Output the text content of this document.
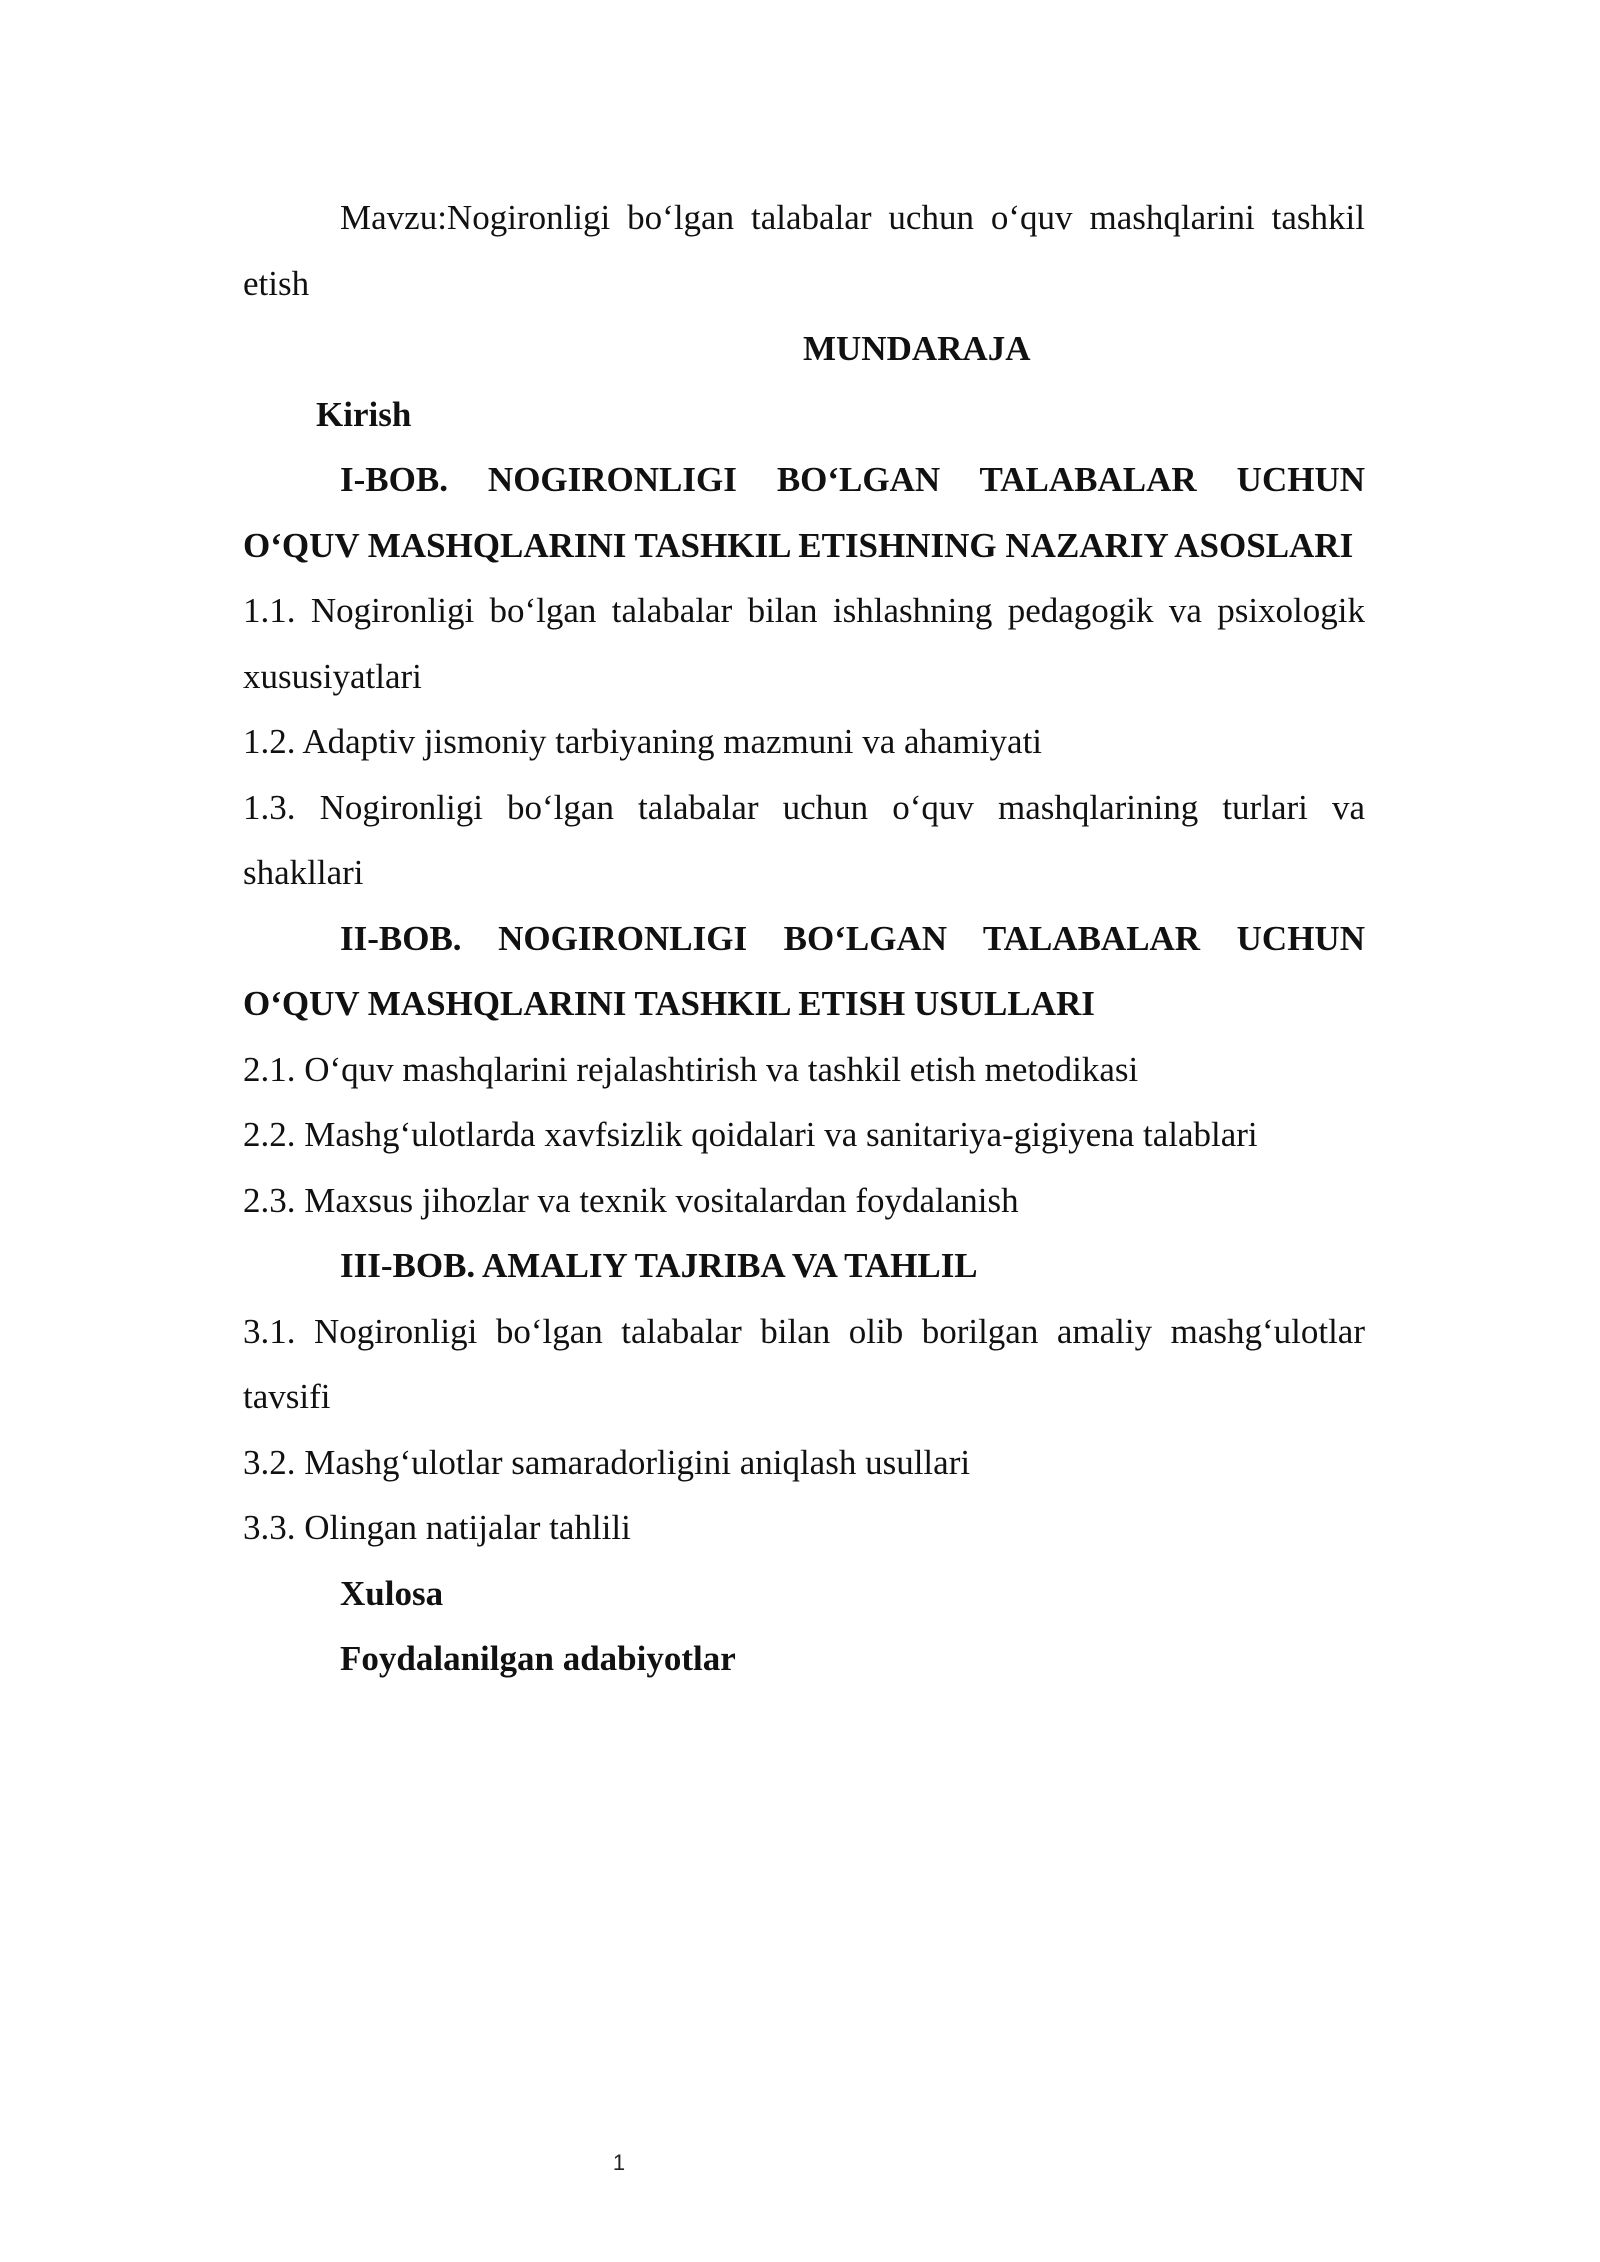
Mavzu:Nogironligi bo‘lgan talabalar uchun o‘quv mashqlarini tashkil etish

MUNDARAJA

Kirish

I-BOB. NOGIRONLIGI BO‘LGAN TALABALAR UCHUN O‘QUV MASHQLARINI TASHKIL ETISHNING NAZARIY ASOSLARI

1.1. Nogironligi bo‘lgan talabalar bilan ishlashning pedagogik va psixologik xususiyatlari

1.2. Adaptiv jismoniy tarbiyaning mazmuni va ahamiyati

1.3. Nogironligi bo‘lgan talabalar uchun o‘quv mashqlarining turlari va shakllari

II-BOB. NOGIRONLIGI BO‘LGAN TALABALAR UCHUN O‘QUV MASHQLARINI TASHKIL ETISH USULLARI

2.1. O‘quv mashqlarini rejalashtirish va tashkil etish metodikasi

2.2. Mashg‘ulotlarda xavfsizlik qoidalari va sanitariya-gigiyena talablari

2.3. Maxsus jihozlar va texnik vositalardan foydalanish

III-BOB. AMALIY TAJRIBA VA TAHLIL

3.1. Nogironligi bo‘lgan talabalar bilan olib borilgan amaliy mashg‘ulotlar tavsifi

3.2. Mashg‘ulotlar samaradorligini aniqlash usullari

3.3. Olingan natijalar tahlili

Xulosa

Foydalanilgan adabiyotlar

1
